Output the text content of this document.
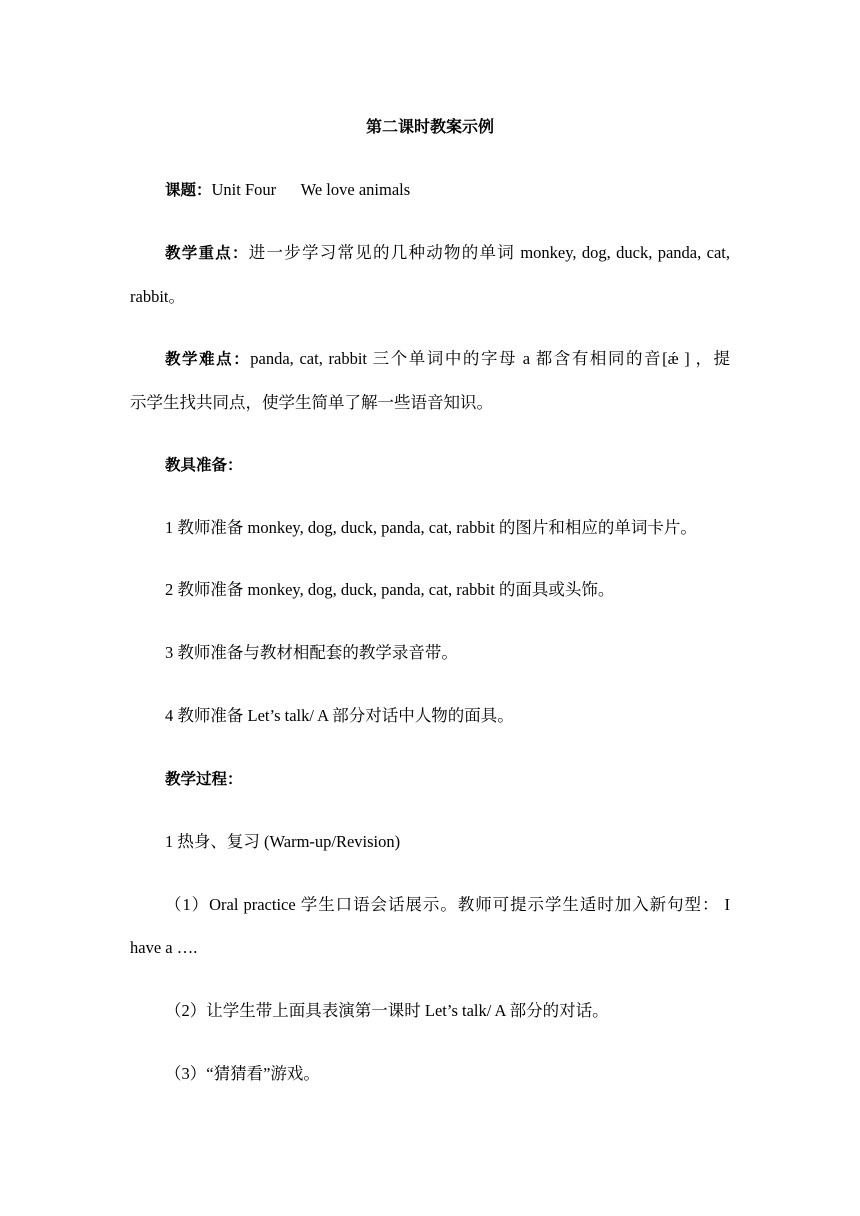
第二课时教案示例
课题：Unit Four      We love animals
教学重点：进一步学习常见的几种动物的单词 monkey, dog, duck, panda, cat,
rabbit。
教学难点：panda, cat, rabbit 三个单词中的字母 a 都含有相同的音[ǽ ] ，提
示学生找共同点，使学生简单了解一些语音知识。
教具准备：
1 教师准备 monkey, dog, duck, panda, cat, rabbit 的图片和相应的单词卡片。
2 教师准备 monkey, dog, duck, panda, cat, rabbit 的面具或头饰。
3 教师准备与教材相配套的教学录音带。
4 教师准备 Let’s talk/ A 部分对话中人物的面具。
教学过程：
1 热身、复习 (Warm-up/Revision)
（1）Oral practice 学生口语会话展示。教师可提示学生适时加入新句型： I
have a ….
（2）让学生带上面具表演第一课时 Let’s talk/ A 部分的对话。
（3）“猜猜看”游戏。
